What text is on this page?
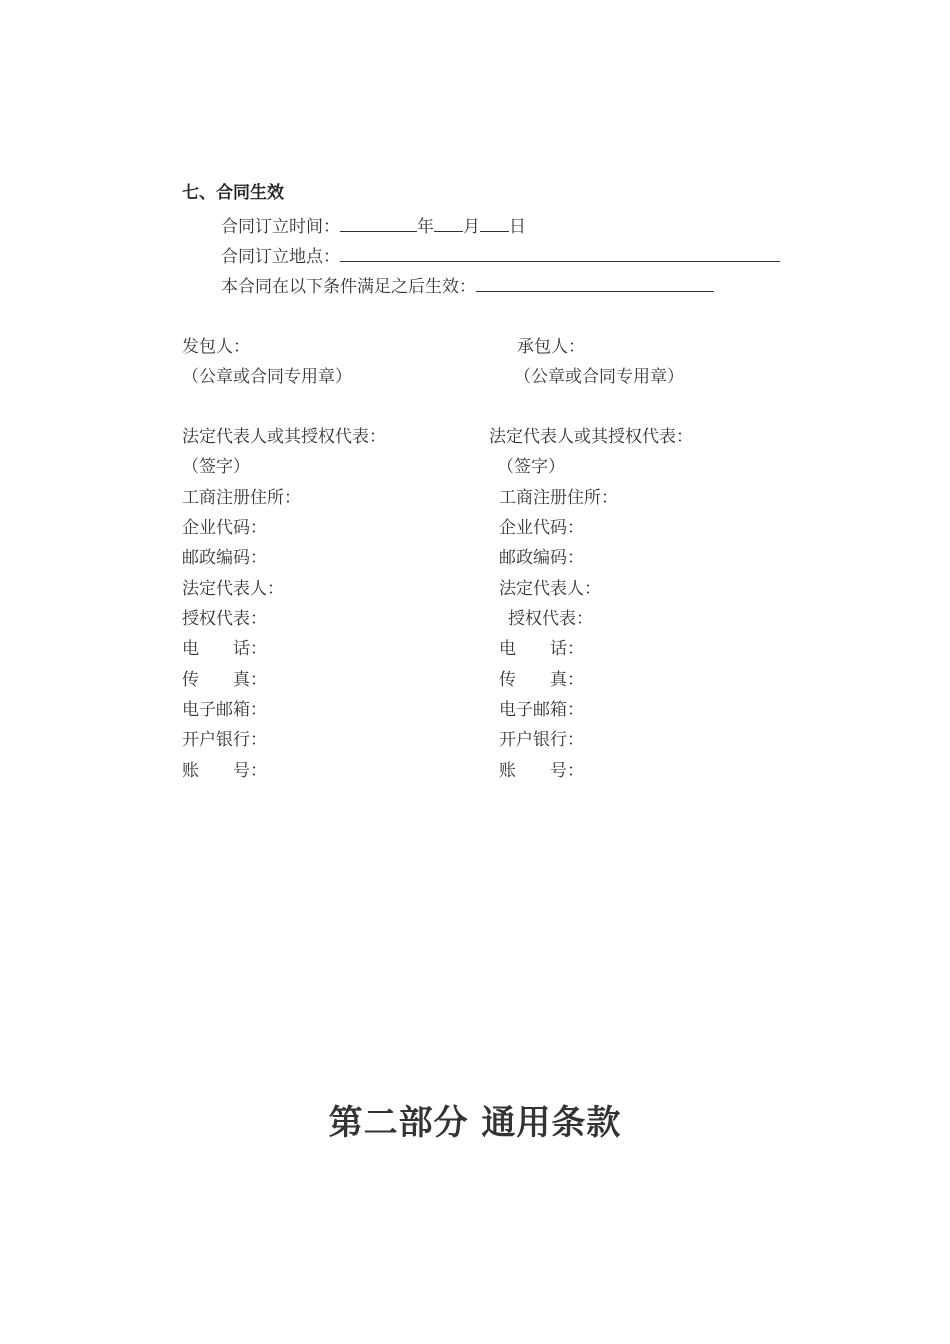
七、合同生效
合同订立时间：	年 月 日
合同订立地点：
本合同在以下条件满足之后生效：
发包人：
（公章或合同专用章）
法定代表人或其授权代表：
（签字）
工商注册住所：
企业代码：
邮政编码：
法定代表人：
授权代表：
电　　话：
传　　真：
电子邮箱：
开户银行：
账　　号：
承包人：
（公章或合同专用章）
法定代表人或其授权代表：
（签字）
工商注册住所：
企业代码：
邮政编码：
法定代表人：
授权代表：
电　　话：
传　　真：
电子邮箱：
开户银行：
账　　号：
第二部分 通用条款
